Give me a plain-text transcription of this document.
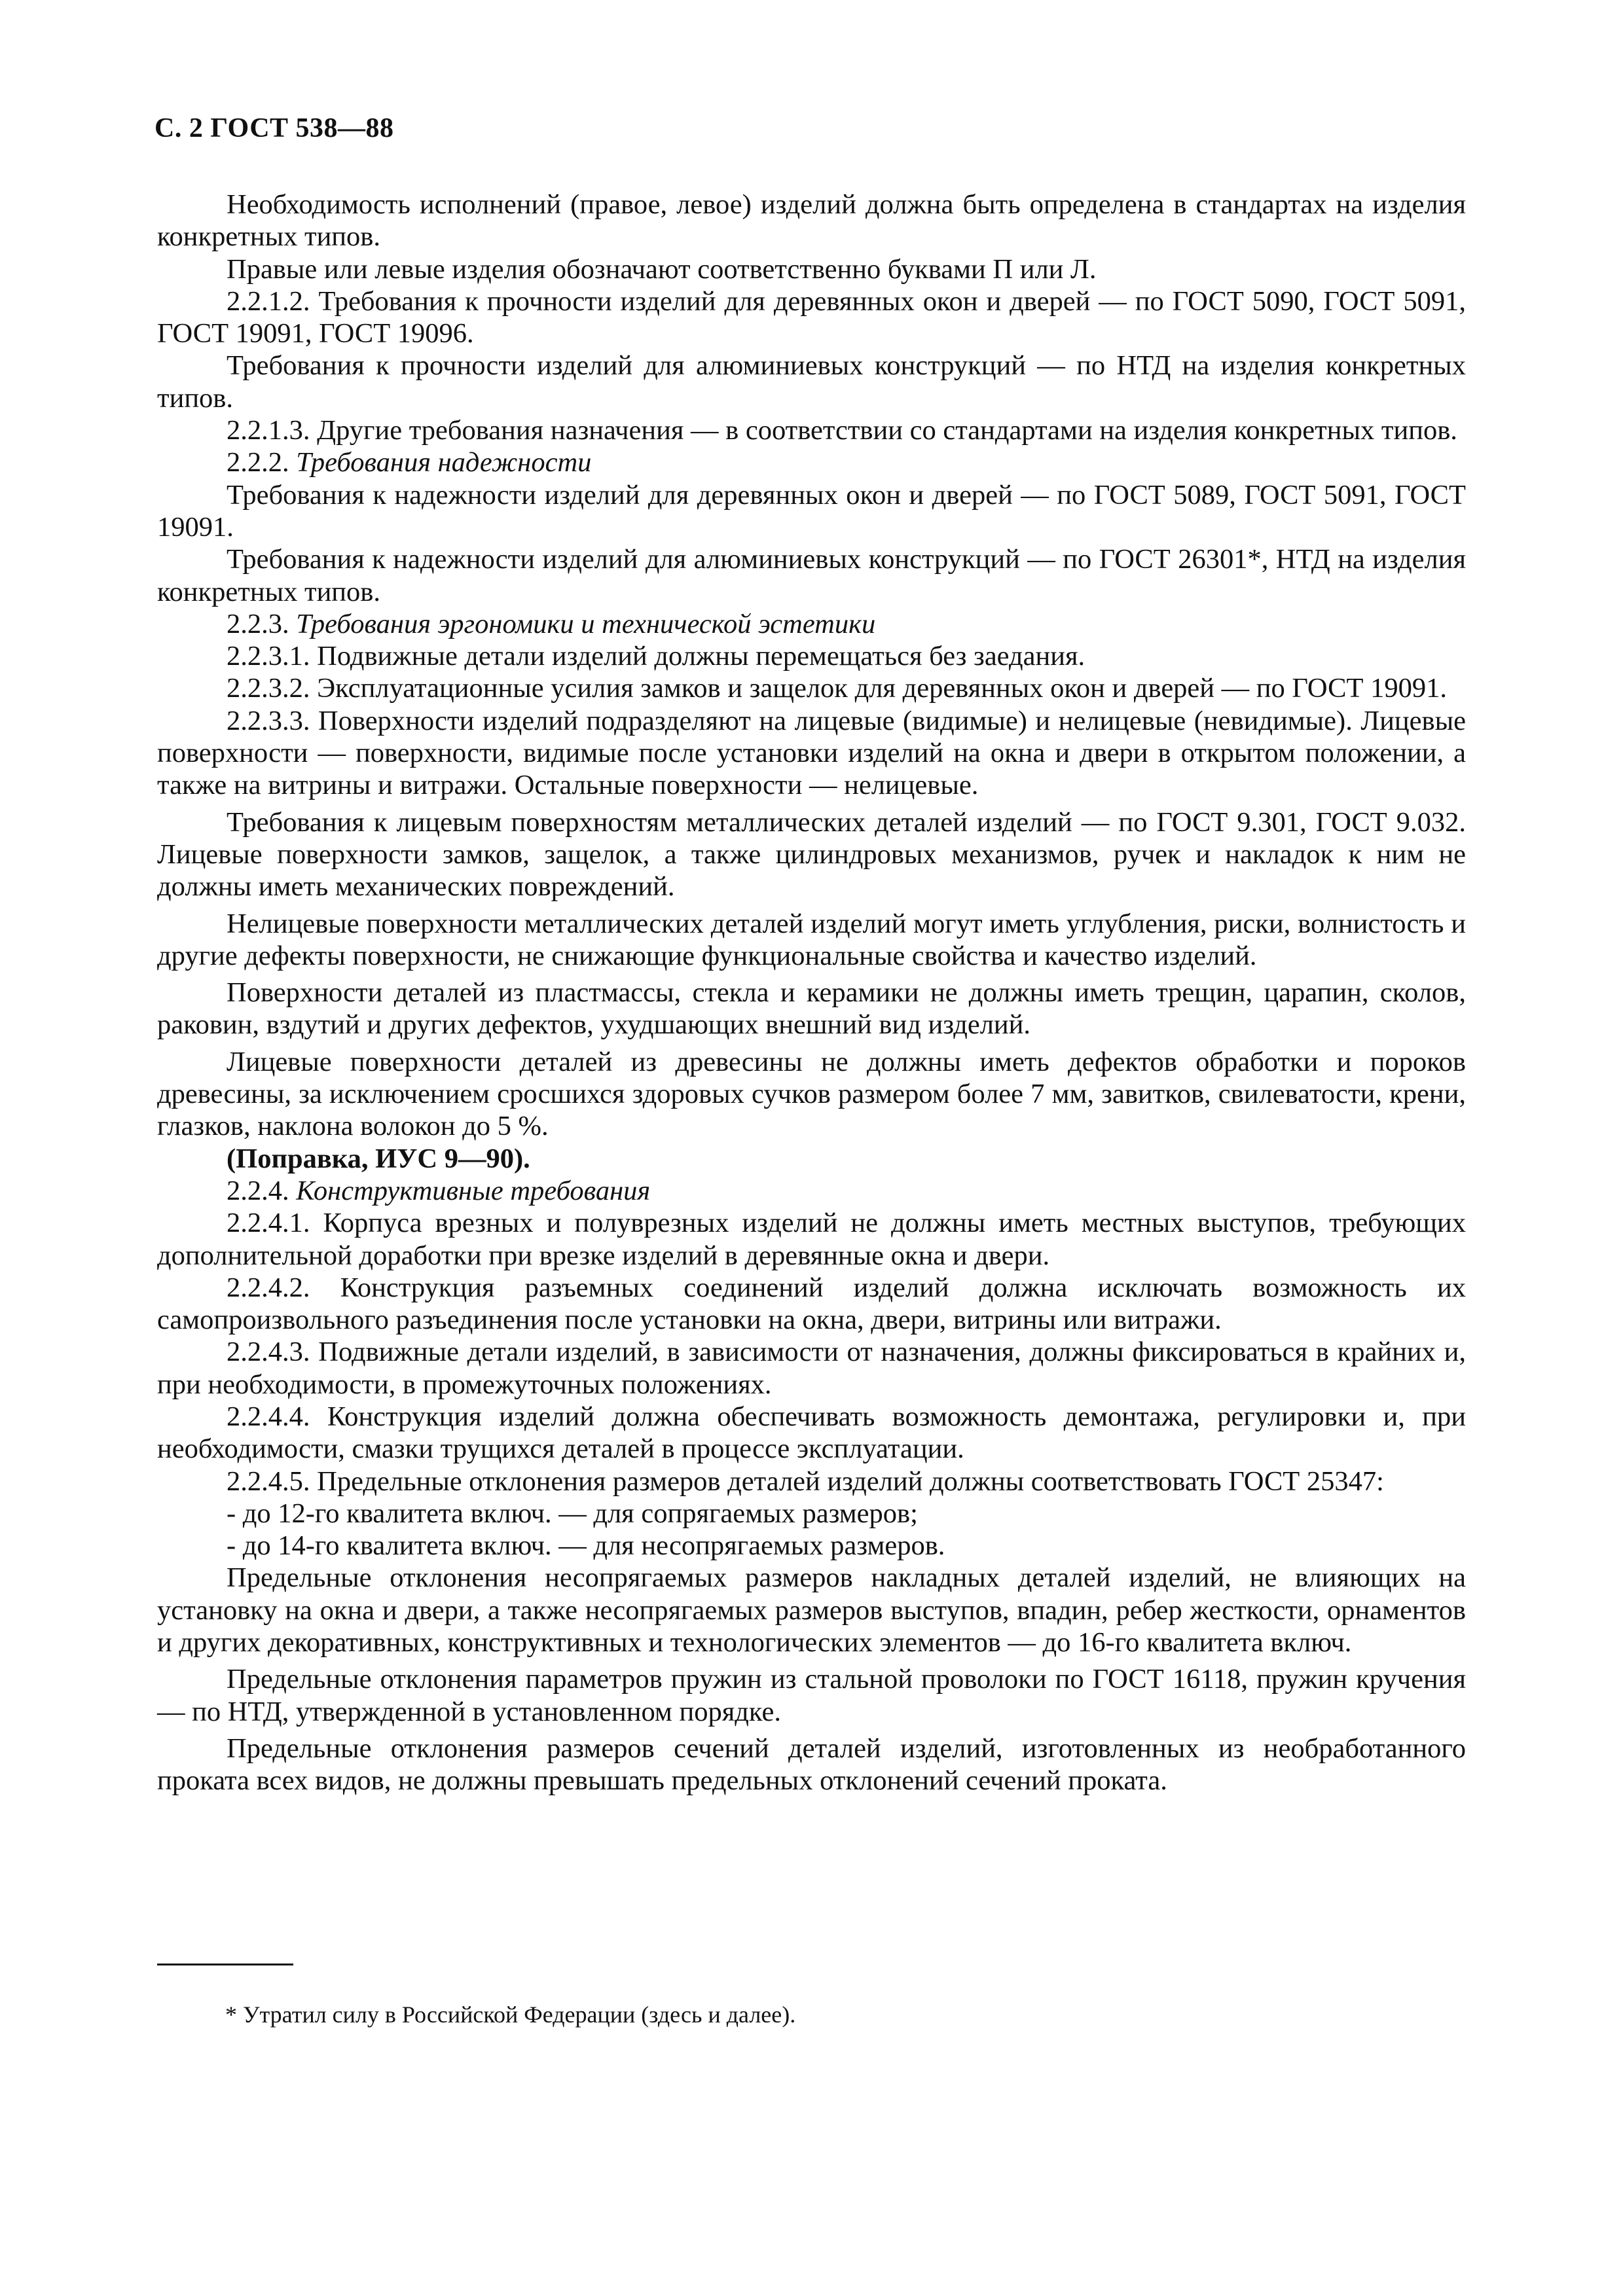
С. 2 ГОСТ 538—88

Необходимость исполнений (правое, левое) изделий должна быть определена в стандартах на изделия конкретных типов.

Правые или левые изделия обозначают соответственно буквами П или Л.

2.2.1.2. Требования к прочности изделий для деревянных окон и дверей — по ГОСТ 5090, ГОСТ 5091, ГОСТ 19091, ГОСТ 19096.

Требования к прочности изделий для алюминиевых конструкций — по НТД на изделия конкретных типов.

2.2.1.3. Другие требования назначения — в соответствии со стандартами на изделия конкретных типов.

2.2.2. Требования надежности

Требования к надежности изделий для деревянных окон и дверей — по ГОСТ 5089, ГОСТ 5091, ГОСТ 19091.

Требования к надежности изделий для алюминиевых конструкций — по ГОСТ 26301*, НТД на изделия конкретных типов.

2.2.3. Требования эргономики и технической эстетики

2.2.3.1. Подвижные детали изделий должны перемещаться без заедания.

2.2.3.2. Эксплуатационные усилия замков и защелок для деревянных окон и дверей — по ГОСТ 19091.

2.2.3.3. Поверхности изделий подразделяют на лицевые (видимые) и нелицевые (невидимые). Лицевые поверхности — поверхности, видимые после установки изделий на окна и двери в открытом положении, а также на витрины и витражи. Остальные поверхности — нелицевые.

Требования к лицевым поверхностям металлических деталей изделий — по ГОСТ 9.301, ГОСТ 9.032. Лицевые поверхности замков, защелок, а также цилиндровых механизмов, ручек и накладок к ним не должны иметь механических повреждений.

Нелицевые поверхности металлических деталей изделий могут иметь углубления, риски, волнистость и другие дефекты поверхности, не снижающие функциональные свойства и качество изделий.

Поверхности деталей из пластмассы, стекла и керамики не должны иметь трещин, царапин, сколов, раковин, вздутий и других дефектов, ухудшающих внешний вид изделий.

Лицевые поверхности деталей из древесины не должны иметь дефектов обработки и пороков древесины, за исключением сросшихся здоровых сучков размером более 7 мм, завитков, свилеватости, крени, глазков, наклона волокон до 5 %.

(Поправка, ИУС 9—90).

2.2.4. Конструктивные требования

2.2.4.1. Корпуса врезных и полуврезных изделий не должны иметь местных выступов, требующих дополнительной доработки при врезке изделий в деревянные окна и двери.

2.2.4.2. Конструкция разъемных соединений изделий должна исключать возможность их самопроизвольного разъединения после установки на окна, двери, витрины или витражи.

2.2.4.3. Подвижные детали изделий, в зависимости от назначения, должны фиксироваться в крайних и, при необходимости, в промежуточных положениях.

2.2.4.4. Конструкция изделий должна обеспечивать возможность демонтажа, регулировки и, при необходимости, смазки трущихся деталей в процессе эксплуатации.

2.2.4.5. Предельные отклонения размеров деталей изделий должны соответствовать ГОСТ 25347:

- до 12-го квалитета включ. — для сопрягаемых размеров;

- до 14-го квалитета включ. — для несопрягаемых размеров.

Предельные отклонения несопрягаемых размеров накладных деталей изделий, не влияющих на установку на окна и двери, а также несопрягаемых размеров выступов, впадин, ребер жесткости, орнаментов и других декоративных, конструктивных и технологических элементов — до 16-го квалитета включ.

Предельные отклонения параметров пружин из стальной проволоки по ГОСТ 16118, пружин кручения — по НТД, утвержденной в установленном порядке.

Предельные отклонения размеров сечений деталей изделий, изготовленных из необработанного проката всех видов, не должны превышать предельных отклонений сечений проката.

* Утратил силу в Российской Федерации (здесь и далее).
